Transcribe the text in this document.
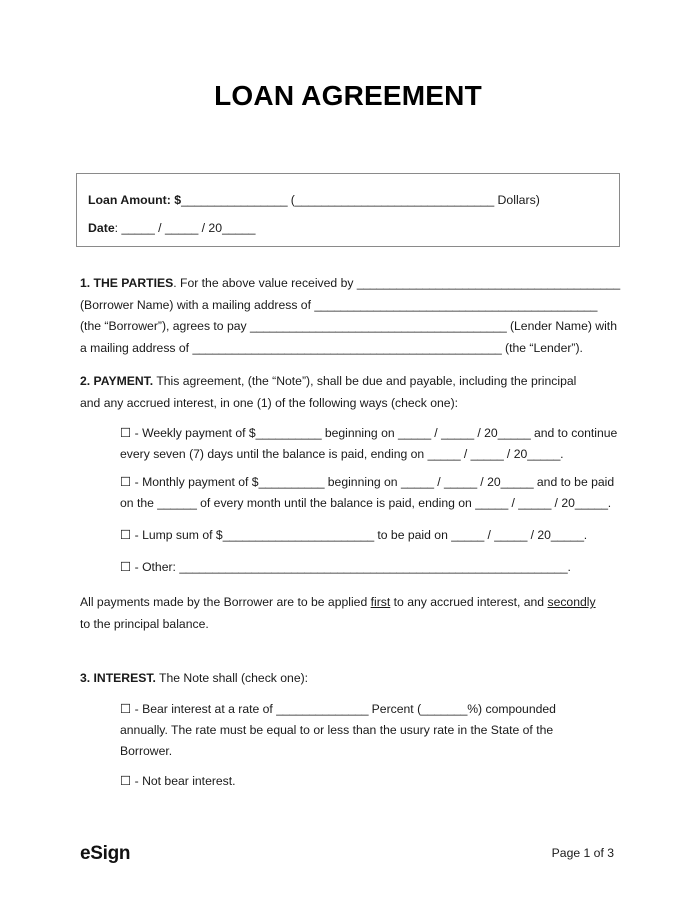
LOAN AGREEMENT
Loan Amount: $________________ (______________________________ Dollars)
Date: _____ / _____ / 20_____
1. THE PARTIES. For the above value received by ________________________________________
(Borrower Name) with a mailing address of ___________________________________________
(the “Borrower”), agrees to pay _______________________________________ (Lender Name) with
a mailing address of _______________________________________________ (the “Lender”).
2. PAYMENT. This agreement, (the “Note”), shall be due and payable, including the principal
and any accrued interest, in one (1) of the following ways (check one):
☐ - Weekly payment of $__________ beginning on _____ / _____ / 20_____ and to continue
every seven (7) days until the balance is paid, ending on _____ / _____ / 20_____.
☐ - Monthly payment of $__________ beginning on _____ / _____ / 20_____ and to be paid
on the ______ of every month until the balance is paid, ending on _____ / _____ / 20_____.
☐ - Lump sum of $_______________________ to be paid on _____ / _____ / 20_____.
☐ - Other: ___________________________________________________________.
All payments made by the Borrower are to be applied first to any accrued interest, and secondly
to the principal balance.
3. INTEREST. The Note shall (check one):
☐ - Bear interest at a rate of ______________ Percent (_______%) compounded
annually. The rate must be equal to or less than the usury rate in the State of the
Borrower.
☐ - Not bear interest.
eSign	Page 1 of 3
